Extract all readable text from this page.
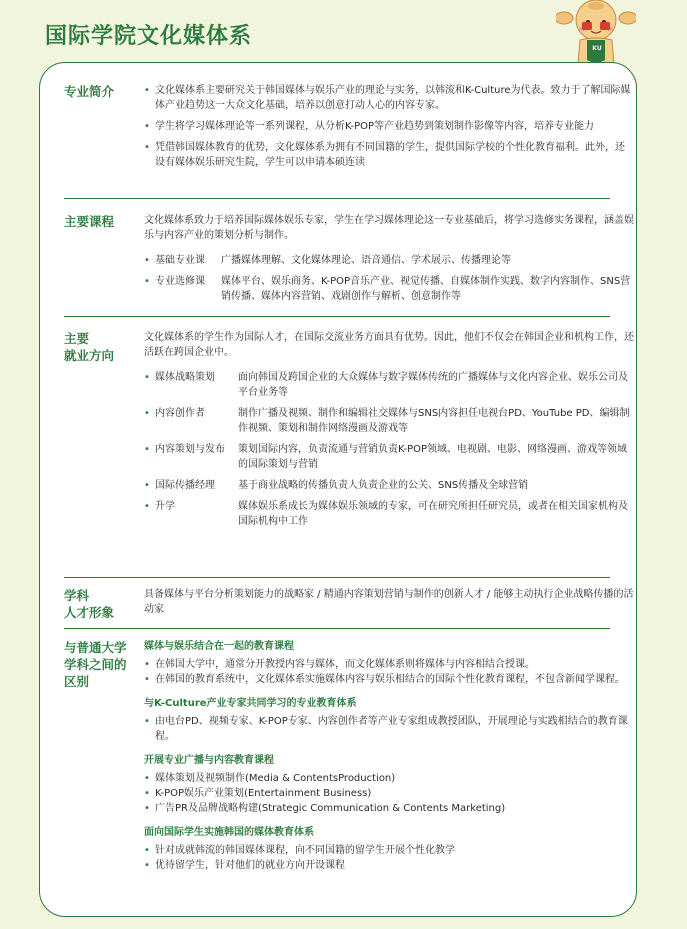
国际学院文化媒体系	KU
专业简介
•	文化媒体系主要研究关于韩国媒体与娱乐产业的理论与实务，以韩流和K-Culture为代表。致力于了解国际媒体产业趋势这一大众文化基础，培养以创意打动人心的内容专家。
• 学生将学习媒体理论等一系列课程，从分析K-POP等产业趋势到策划制作影像等内容，培养专业能力
• 凭借韩国媒体教育的优势，文化媒体系为拥有不同国籍的学生，提供国际学校的个性化教育福利。此外，还设有媒体娱乐研究生院，学生可以申请本硕连读
主要课程	文化媒体系致力于培养国际媒体娱乐专家，学生在学习媒体理论这一专业基础后，将学习选修实务课程，涵盖娱乐与内容产业的策划分析与制作。
• 基础专业课	广播媒体理解、文化媒体理论、语音通信、学术展示、传播理论等
• 专业选修课	媒体平台、娱乐商务、K-POP音乐产业、视觉传播、自媒体制作实践、数字内容制作、SNS营销传播、媒体内容营销、戏剧创作与解析、创意制作等
主要
就业方向
文化媒体系的学生作为国际人才，在国际交流业务方面具有优势。因此，他们不仅会在韩国企业和机构工作，还活跃在跨国企业中。
• 媒体战略策划	面向韩国及跨国企业的大众媒体与数字媒体传统的广播媒体与文化内容企业、娱乐公司及平台业务等
• 内容创作者	制作广播及视频、制作和编辑社交媒体与SNS内容担任电视台PD、YouTube PD、编辑制作视频、策划和制作网络漫画及游戏等
• 内容策划与发布	策划国际内容，负责流通与营销负责K-POP领域、电视剧、电影、网络漫画、游戏等领域的国际策划与营销
• 国际传播经理	基于商业战略的传播负责人负责企业的公关、SNS传播及全球营销
• 升学	媒体娱乐系成长为媒体娱乐领域的专家，可在研究所担任研究员，或者在相关国家机构及国际机构中工作
学科
人才形象
具备媒体与平台分析策划能力的战略家 / 精通内容策划营销与制作的创新人才 / 能够主动执行企业战略传播的活动家
与普通大学
学科之间的
区别
媒体与娱乐结合在一起的教育课程
• 在韩国大学中，通常分开教授内容与媒体，而文化媒体系则将媒体与内容相结合授课。
• 在韩国的教育系统中，文化媒体系实施媒体内容与娱乐相结合的国际个性化教育课程，不包含新闻学课程。
与K-Culture产业专家共同学习的专业教育体系
• 由电台PD、视频专家、K-POP专家、内容创作者等产业专家组成教授团队，开展理论与实践相结合的教育课程。
开展专业广播与内容教育课程
• 媒体策划及视频制作(Media & ContentsProduction)
• K-POP娱乐产业策划(Entertainment Business)
• 广告PR及品牌战略构建(Strategic Communication & Contents Marketing)
面向国际学生实施韩国的媒体教育体系
• 针对成就韩流的韩国媒体课程，向不同国籍的留学生开展个性化教学
• 优待留学生，针对他们的就业方向开设课程
